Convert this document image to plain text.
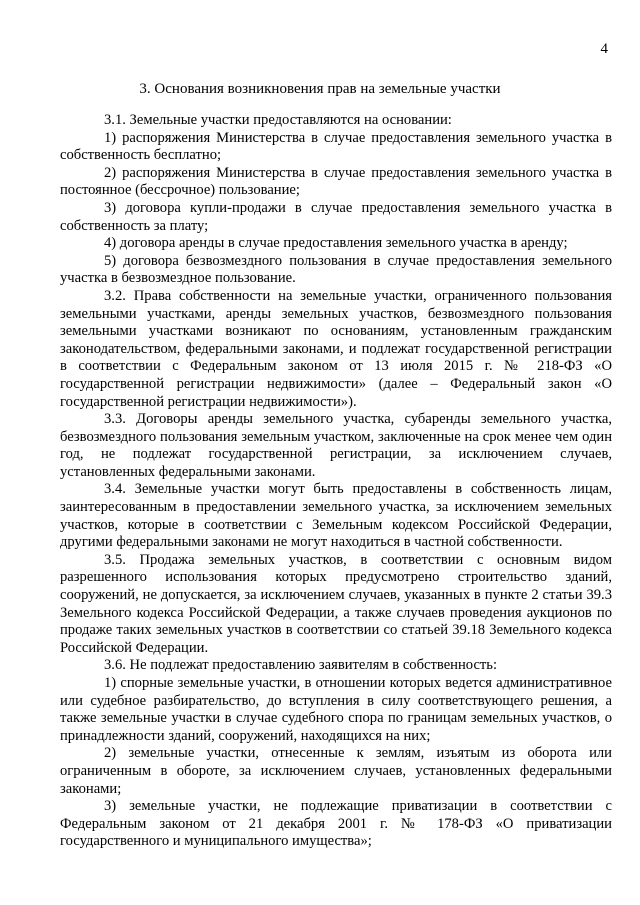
4
3. Основания возникновения прав на земельные участки

3.1. Земельные участки предоставляются на основании:

1) распоряжения Министерства в случае предоставления земельного участка в собственность бесплатно;

2) распоряжения Министерства в случае предоставления земельного участка в постоянное (бессрочное) пользование;

3) договора купли-продажи в случае предоставления земельного участка в собственность за плату;

4) договора аренды в случае предоставления земельного участка в аренду;

5) договора безвозмездного пользования в случае предоставления земельного участка в безвозмездное пользование.

3.2. Права собственности на земельные участки, ограниченного пользования земельными участками, аренды земельных участков, безвозмездного пользования земельными участками возникают по основаниям, установленным гражданским законодательством, федеральными законами, и подлежат государственной регистрации в соответствии с Федеральным законом от 13 июля 2015 г. № 218-ФЗ «О государственной регистрации недвижимости» (далее – Федеральный закон «О государственной регистрации недвижимости»).

3.3. Договоры аренды земельного участка, субаренды земельного участка, безвозмездного пользования земельным участком, заключенные на срок менее чем один год, не подлежат государственной регистрации, за исключением случаев, установленных федеральными законами.

3.4. Земельные участки могут быть предоставлены в собственность лицам, заинтересованным в предоставлении земельного участка, за исключением земельных участков, которые в соответствии с Земельным кодексом Российской Федерации, другими федеральными законами не могут находиться в частной собственности.

3.5. Продажа земельных участков, в соответствии с основным видом разрешенного использования которых предусмотрено строительство зданий, сооружений, не допускается, за исключением случаев, указанных в пункте 2 статьи 39.3 Земельного кодекса Российской Федерации, а также случаев проведения аукционов по продаже таких земельных участков в соответствии со статьей 39.18 Земельного кодекса Российской Федерации.

3.6. Не подлежат предоставлению заявителям в собственность:

1) спорные земельные участки, в отношении которых ведется административное или судебное разбирательство, до вступления в силу соответствующего решения, а также земельные участки в случае судебного спора по границам земельных участков, о принадлежности зданий, сооружений, находящихся на них;

2) земельные участки, отнесенные к землям, изъятым из оборота или ограниченным в обороте, за исключением случаев, установленных федеральными законами;

3) земельные участки, не подлежащие приватизации в соответствии с Федеральным законом от 21 декабря 2001 г. № 178-ФЗ «О приватизации государственного и муниципального имущества»;
